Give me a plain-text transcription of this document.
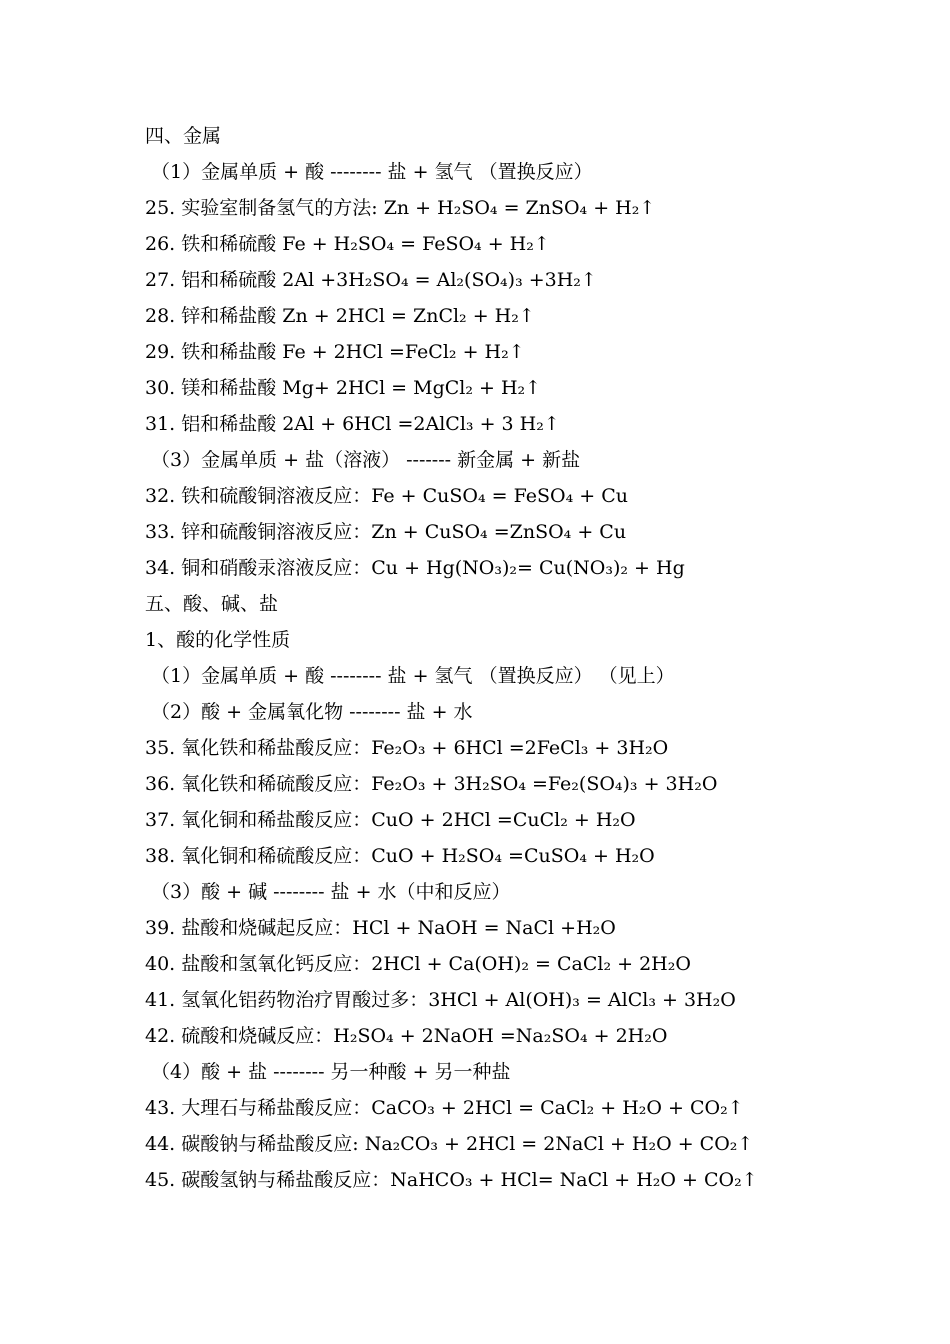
四、金属
（1）金属单质 + 酸 -------- 盐 + 氢气 （置换反应）
25. 实验室制备氢气的方法: Zn + H₂SO₄ = ZnSO₄ + H₂↑
26. 铁和稀硫酸 Fe + H₂SO₄ = FeSO₄ + H₂↑
27. 铝和稀硫酸 2Al +3H₂SO₄ = Al₂(SO₄)₃ +3H₂↑
28. 锌和稀盐酸 Zn + 2HCl = ZnCl₂ + H₂↑
29. 铁和稀盐酸 Fe + 2HCl =FeCl₂ + H₂↑
30. 镁和稀盐酸 Mg+ 2HCl = MgCl₂ + H₂↑
31. 铝和稀盐酸 2Al + 6HCl =2AlCl₃ + 3 H₂↑
（3）金属单质 + 盐（溶液） ------- 新金属 + 新盐
32. 铁和硫酸铜溶液反应：Fe + CuSO₄ = FeSO₄ + Cu
33. 锌和硫酸铜溶液反应：Zn + CuSO₄ =ZnSO₄ + Cu
34. 铜和硝酸汞溶液反应：Cu + Hg(NO₃)₂= Cu(NO₃)₂ + Hg
五、酸、碱、盐
1、酸的化学性质
（1）金属单质 + 酸 -------- 盐 + 氢气 （置换反应） （见上）
（2）酸 + 金属氧化物 -------- 盐 + 水
35. 氧化铁和稀盐酸反应：Fe₂O₃ + 6HCl =2FeCl₃ + 3H₂O
36. 氧化铁和稀硫酸反应：Fe₂O₃ + 3H₂SO₄ =Fe₂(SO₄)₃ + 3H₂O
37. 氧化铜和稀盐酸反应：CuO + 2HCl =CuCl₂ + H₂O
38. 氧化铜和稀硫酸反应：CuO + H₂SO₄ =CuSO₄ + H₂O
（3）酸 + 碱 -------- 盐 + 水（中和反应）
39. 盐酸和烧碱起反应：HCl + NaOH = NaCl +H₂O
40. 盐酸和氢氧化钙反应：2HCl + Ca(OH)₂ = CaCl₂ + 2H₂O
41. 氢氧化铝药物治疗胃酸过多：3HCl + Al(OH)₃ = AlCl₃ + 3H₂O
42. 硫酸和烧碱反应：H₂SO₄ + 2NaOH =Na₂SO₄ + 2H₂O
（4）酸 + 盐 -------- 另一种酸 + 另一种盐
43. 大理石与稀盐酸反应：CaCO₃ + 2HCl = CaCl₂ + H₂O + CO₂↑
44. 碳酸钠与稀盐酸反应: Na₂CO₃ + 2HCl = 2NaCl + H₂O + CO₂↑
45. 碳酸氢钠与稀盐酸反应：NaHCO₃ + HCl= NaCl + H₂O + CO₂↑
